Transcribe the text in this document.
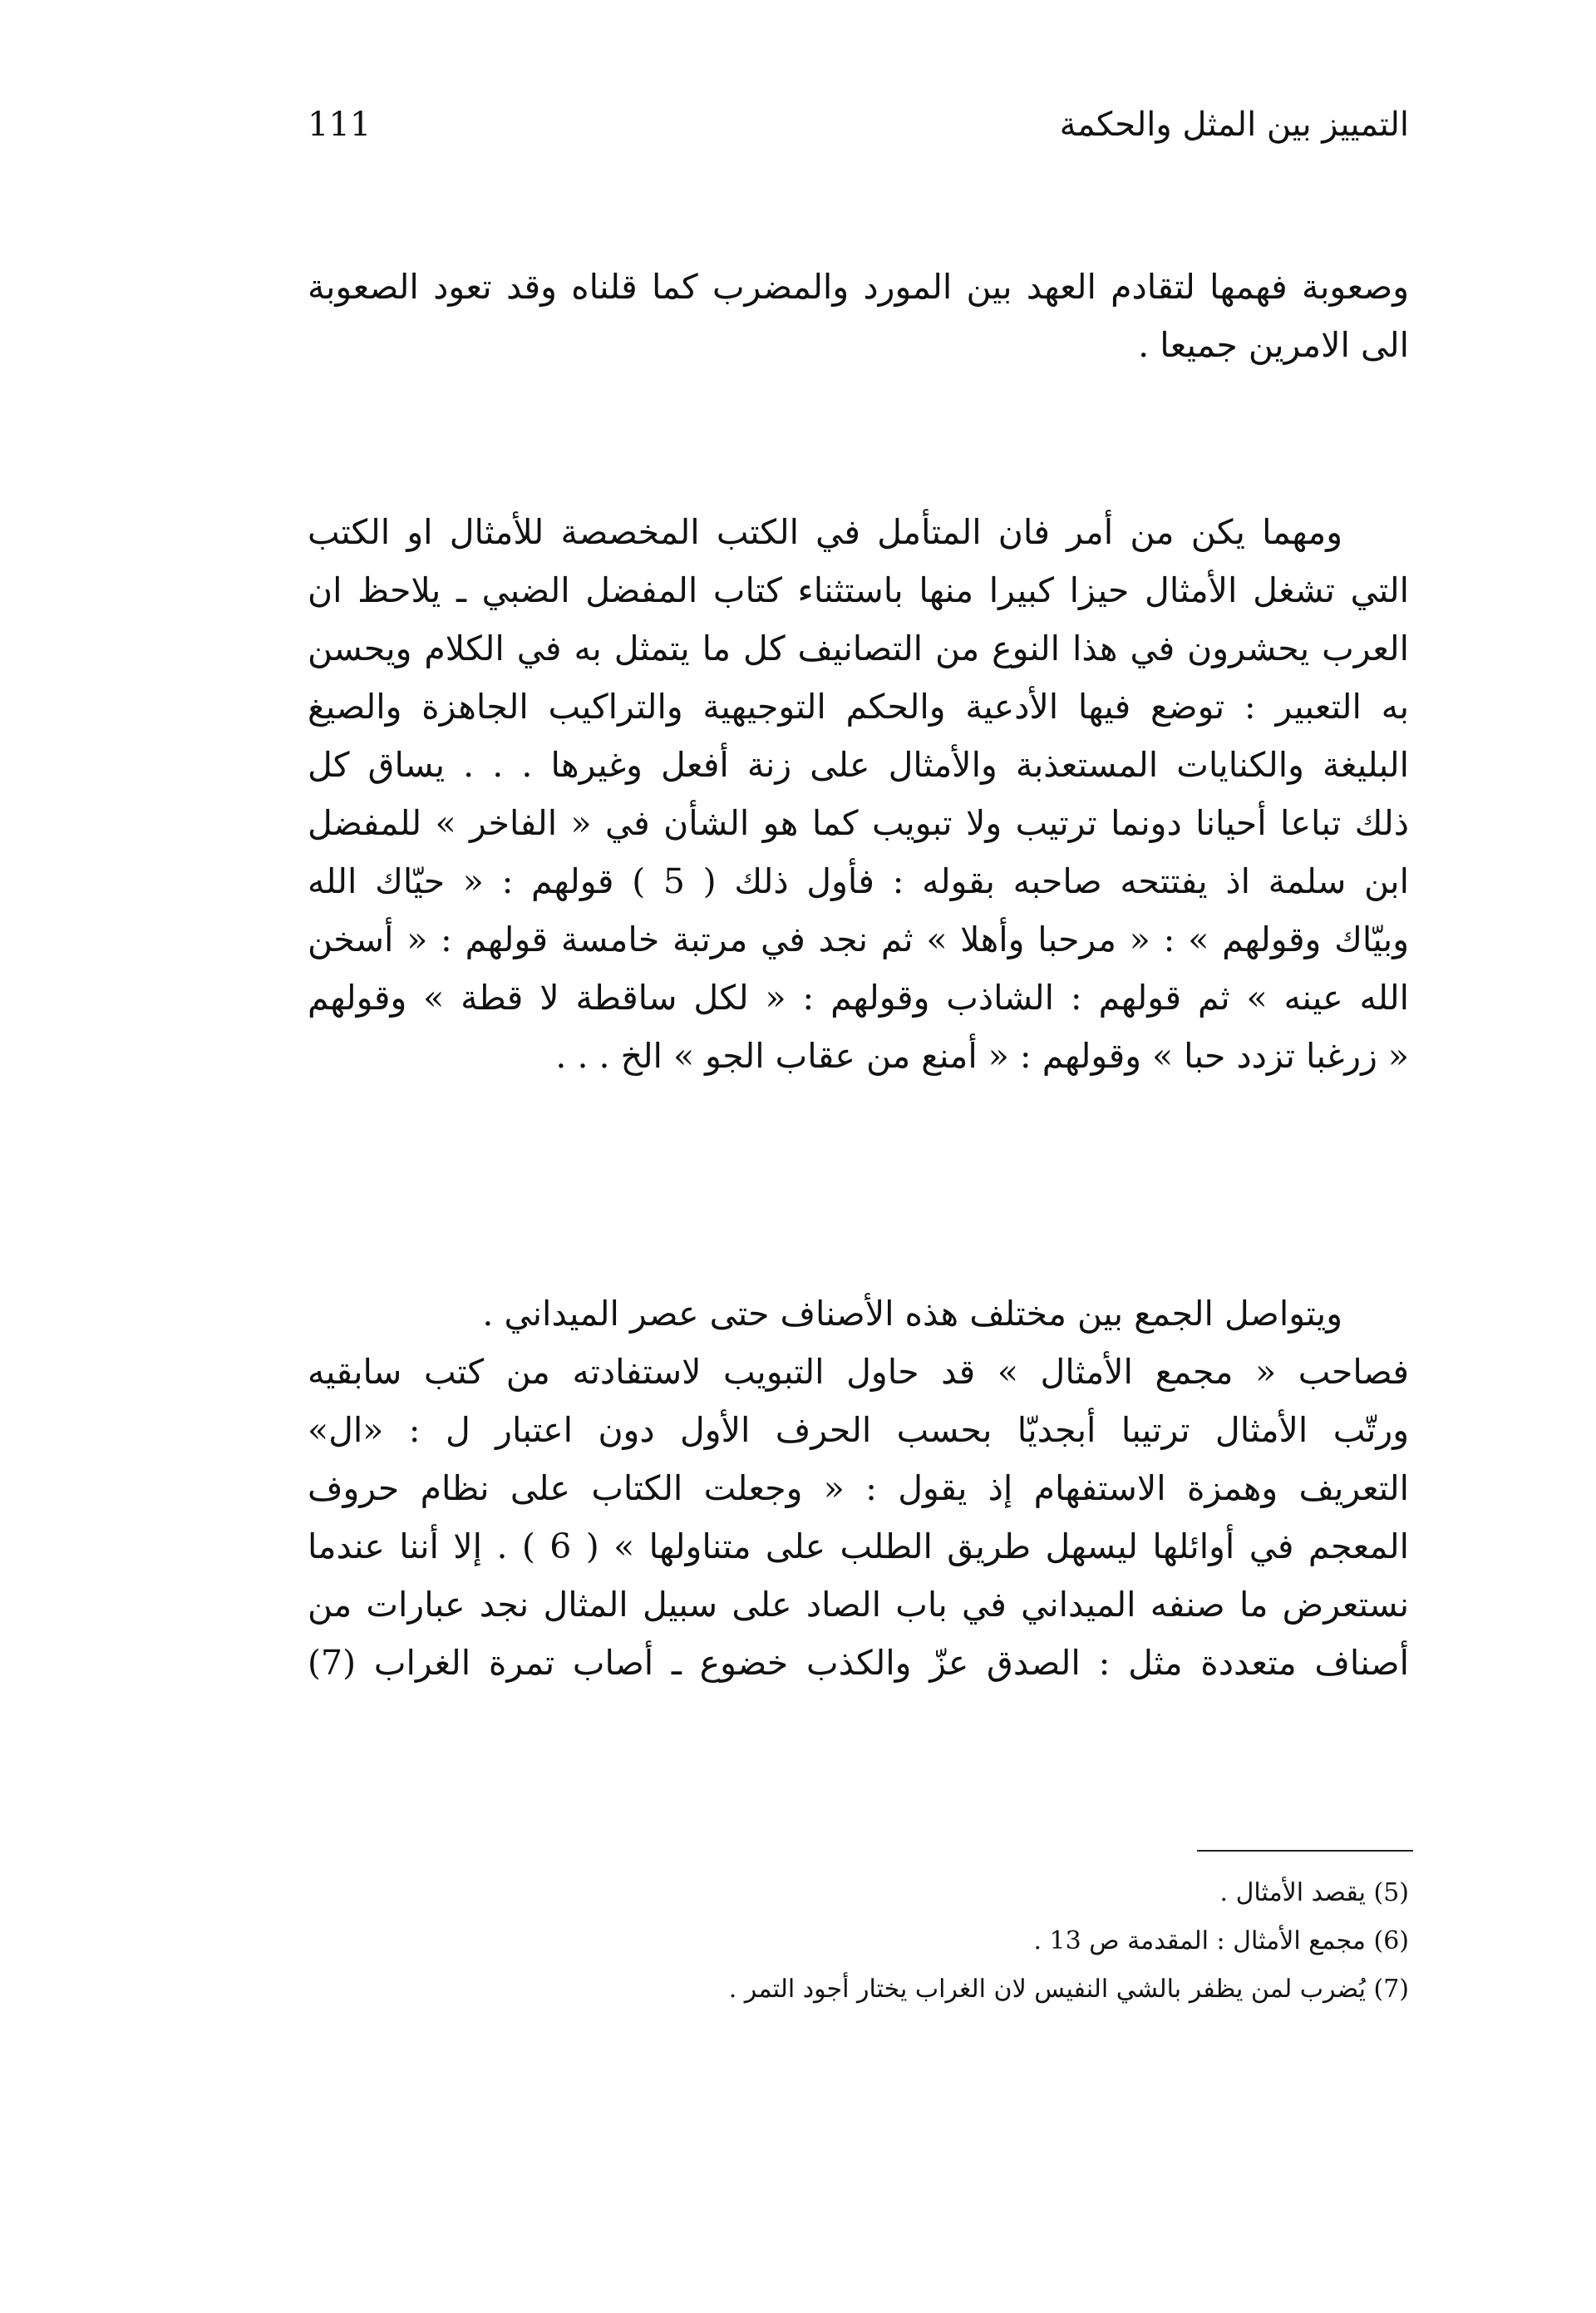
التمييز بين المثل والحكمة
111
وصعوبة فهمها لتقادم العهد بين المورد والمضرب كما قلناه وقد تعود الصعوبة
الى الامرين جميعا .
ومهما يكن من أمر فان المتأمل في الكتب المخصصة للأمثال او الكتب
التي تشغل الأمثال حيزا كبيرا منها باستثناء كتاب المفضل الضبي ـ يلاحظ ان
العرب يحشرون في هذا النوع من التصانيف كل ما يتمثل به في الكلام ويحسن
به التعبير : توضع فيها الأدعية والحكم التوجيهية والتراكيب الجاهزة والصيغ
البليغة والكنايات المستعذبة والأمثال على زنة أفعل وغيرها . . . يساق كل
ذلك تباعا أحيانا دونما ترتيب ولا تبويب كما هو الشأن في « الفاخر » للمفضل
ابن سلمة اذ يفتتحه صاحبه بقوله : فأول ذلك ( 5 ) قولهم : « حيّاك الله
وبيّاك وقولهم » : « مرحبا وأهلا » ثم نجد في مرتبة خامسة قولهم : « أسخن
الله عينه » ثم قولهم : الشاذب وقولهم : « لكل ساقطة لا قطة » وقولهم
« زرغبا تزدد حبا » وقولهم : « أمنع من عقاب الجو » الخ . . .
ويتواصل الجمع بين مختلف هذه الأصناف حتى عصر الميداني .
فصاحب « مجمع الأمثال » قد حاول التبويب لاستفادته من كتب سابقيه
ورتّب الأمثال ترتيبا أبجديّا بحسب الحرف الأول دون اعتبار ل : «ال»
التعريف وهمزة الاستفهام إذ يقول : « وجعلت الكتاب على نظام حروف
المعجم في أوائلها ليسهل طريق الطلب على متناولها » ( 6 ) . إلا أننا عندما
نستعرض ما صنفه الميداني في باب الصاد على سبيل المثال نجد عبارات من
أصناف متعددة مثل : الصدق عزّ والكذب خضوع ـ أصاب تمرة الغراب (7)
(5) يقصد الأمثال .
(6) مجمع الأمثال : المقدمة ص 13 .
(7) يُضرب لمن يظفر بالشي النفيس لان الغراب يختار أجود التمر .
